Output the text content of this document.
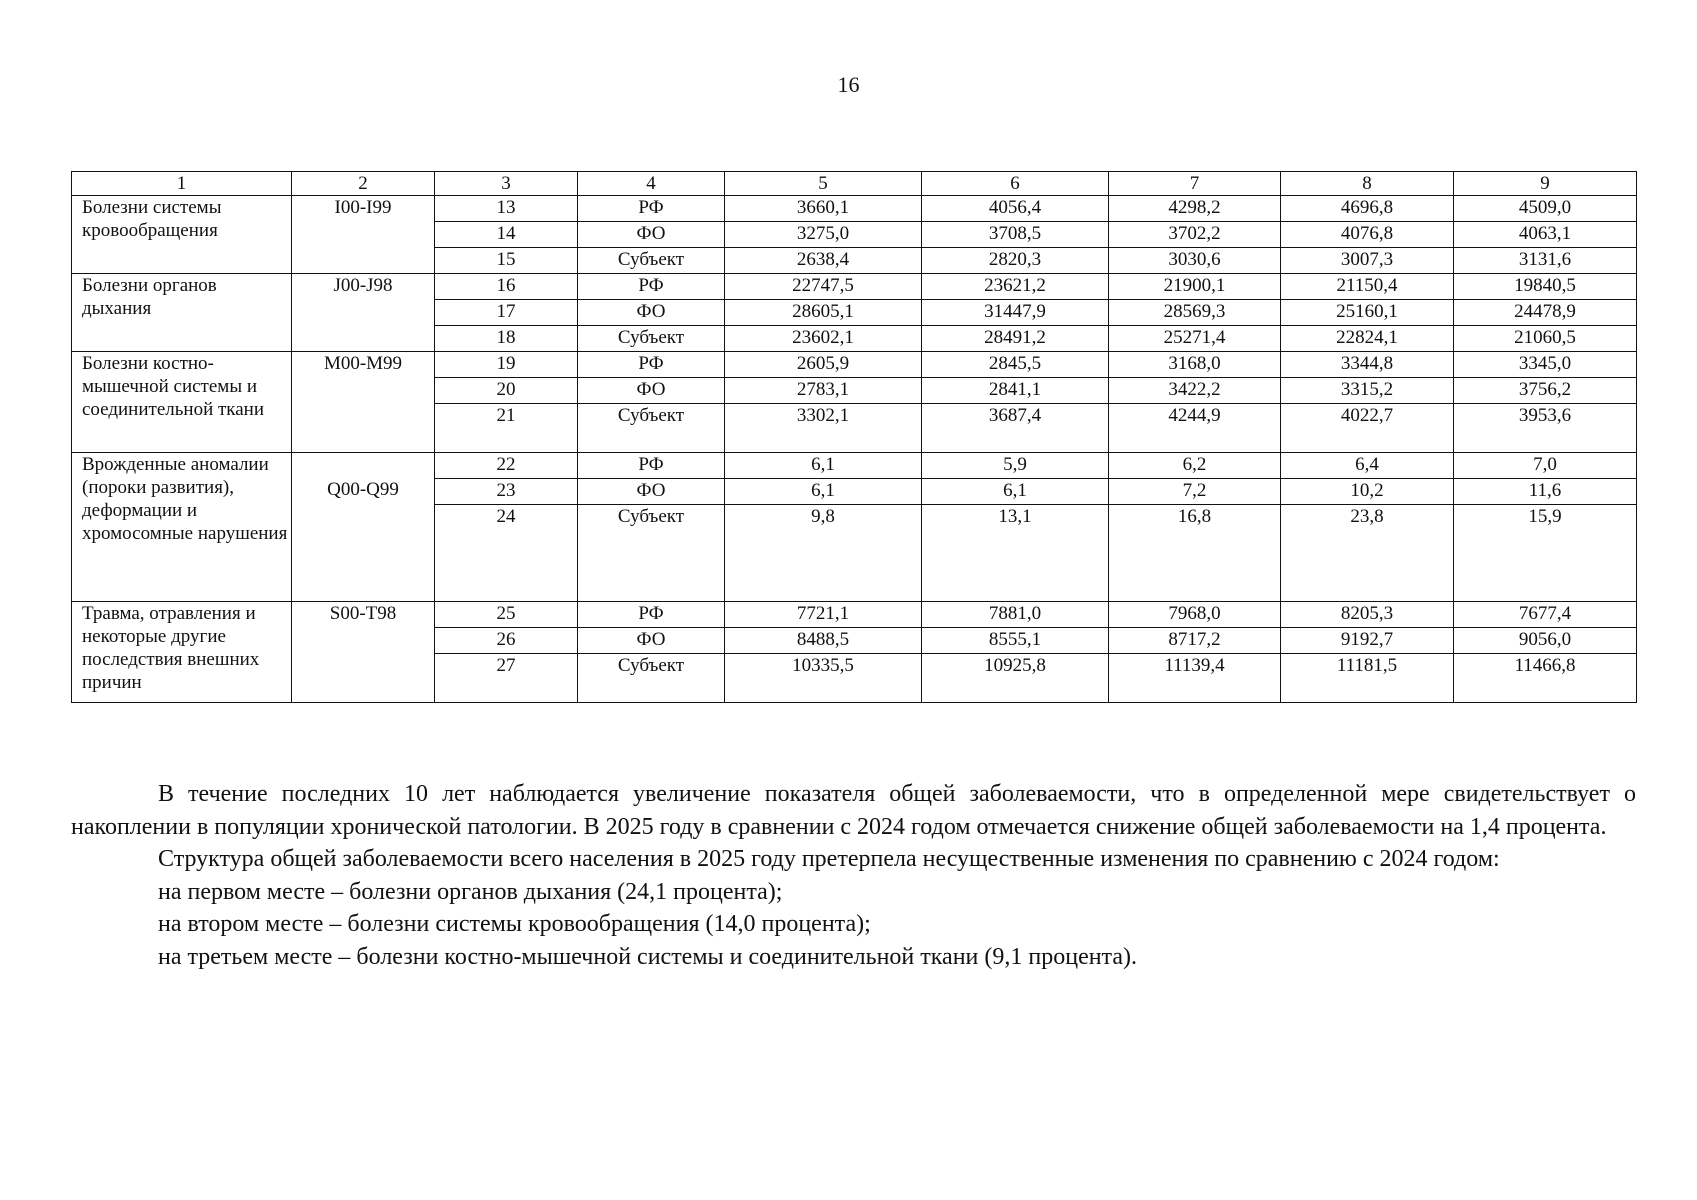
16
1	2	3	4	5	6	7	8	9
Болезни системы кровообращения	I00-I99	13	РФ	3660,1	4056,4	4298,2	4696,8	4509,0
		14	ФО	3275,0	3708,5	3702,2	4076,8	4063,1
		15	Субъект	2638,4	2820,3	3030,6	3007,3	3131,6
Болезни органов дыхания	J00-J98	16	РФ	22747,5	23621,2	21900,1	21150,4	19840,5
		17	ФО	28605,1	31447,9	28569,3	25160,1	24478,9
		18	Субъект	23602,1	28491,2	25271,4	22824,1	21060,5
Болезни костно-мышечной системы и соединительной ткани	M00-M99	19	РФ	2605,9	2845,5	3168,0	3344,8	3345,0
		20	ФО	2783,1	2841,1	3422,2	3315,2	3756,2
		21	Субъект	3302,1	3687,4	4244,9	4022,7	3953,6
Врожденные аномалии (пороки развития), деформации и хромосомные нарушения	Q00-Q99	22	РФ	6,1	5,9	6,2	6,4	7,0
		23	ФО	6,1	6,1	7,2	10,2	11,6
		24	Субъект	9,8	13,1	16,8	23,8	15,9
Травма, отравления и некоторые другие последствия внешних причин	S00-T98	25	РФ	7721,1	7881,0	7968,0	8205,3	7677,4
		26	ФО	8488,5	8555,1	8717,2	9192,7	9056,0
		27	Субъект	10335,5	10925,8	11139,4	11181,5	11466,8

В течение последних 10 лет наблюдается увеличение показателя общей заболеваемости, что в определенной мере свидетельствует о накоплении в популяции хронической патологии. В 2025 году в сравнении с 2024 годом отмечается снижение общей заболеваемости на 1,4 процента.

Структура общей заболеваемости всего населения в 2025 году претерпела несущественные изменения по сравнению с 2024 годом:

на первом месте – болезни органов дыхания (24,1 процента);

на втором месте – болезни системы кровообращения (14,0 процента);

на третьем месте – болезни костно-мышечной системы и соединительной ткани (9,1 процента).
